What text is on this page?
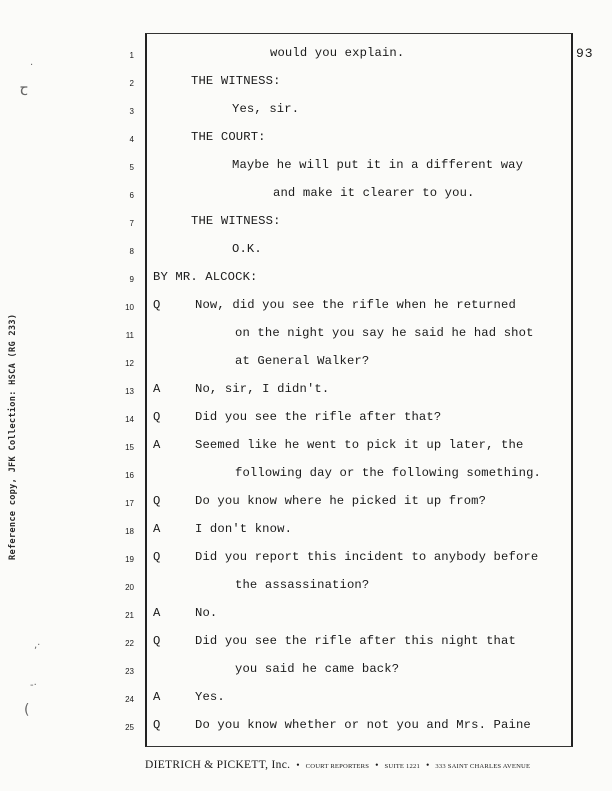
93
Reference copy, JFK Collection: HSCA (RG 233)
ꞇ
·
,·
-·
(
1	would you explain.
2	THE WITNESS:
3	Yes, sir.
4	THE COURT:
5	Maybe he will put it in a different way
6	and make it clearer to you.
7	THE WITNESS:
8	O.K.
9 BY MR. ALCOCK:
10 Q	Now, did you see the rifle when he returned
11	on the night you say he said he had shot
12	at General Walker?
13 A	No, sir, I didn't.
14 Q	Did you see the rifle after that?
15 A	Seemed like he went to pick it up later, the
16	following day or the following something.
17 Q	Do you know where he picked it up from?
18 A	I don't know.
19 Q	Did you report this incident to anybody before
20	the assassination?
21 A	No.
22 Q	Did you see the rifle after this night that
23	you said he came back?
24 A	Yes.
25 Q	Do you know whether or not you and Mrs. Paine
DIETRICH & PICKETT, Inc. • COURT REPORTERS • SUITE 1221 • 333 SAINT CHARLES AVENUE
